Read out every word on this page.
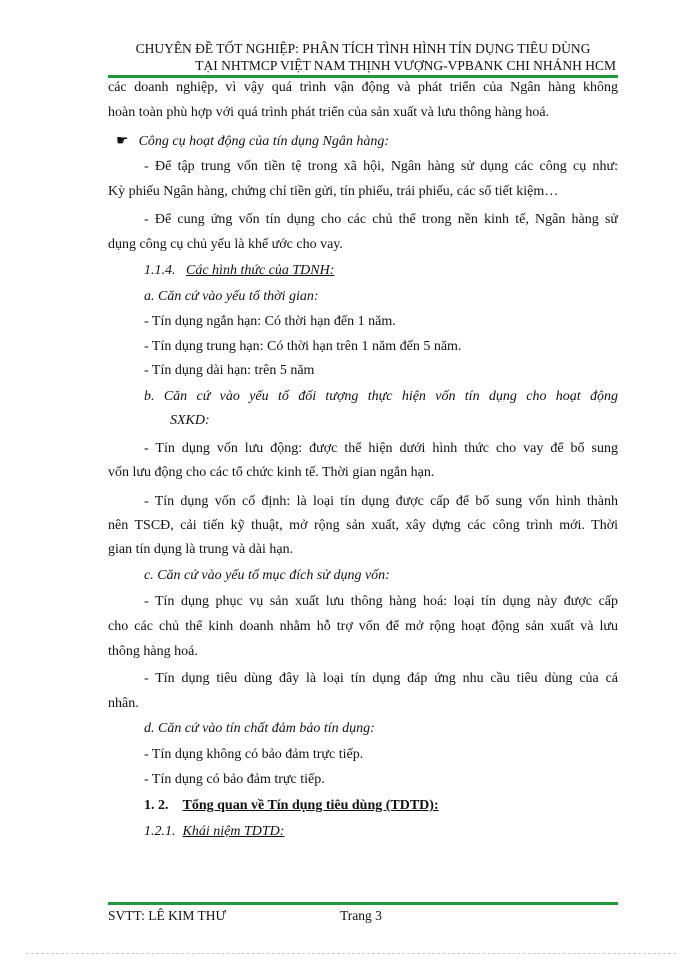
CHUYÊN ĐỀ TỐT NGHIỆP: PHÂN TÍCH TÌNH HÌNH TÍN DỤNG TIÊU DÙNG
TẠI NHTMCP VIỆT NAM THỊNH VƯỢNG-VPBANK CHI NHÁNH HCM
các doanh nghiệp, vì vậy quá trình vận động và phát triển của Ngân hàng không
hoàn toàn phù hợp với quá trình phát triển của sản xuất và lưu thông hàng hoá.
☛ Công cụ hoạt động của tín dụng Ngân hàng:
- Để tập trung vốn tiền tệ trong xã hội, Ngân hàng sử dụng các công cụ như:
Kỳ phiếu Ngân hàng, chứng chỉ tiền gửi, tín phiếu, trái phiếu, các sổ tiết kiệm…
- Để cung ứng vốn tín dụng cho các chủ thể trong nền kinh tế, Ngân hàng sử
dụng công cụ chủ yếu là khế ước cho vay.
1.1.4. Các hình thức của TDNH:
a. Căn cứ vào yếu tố thời gian:
- Tín dụng ngắn hạn: Có thời hạn đến 1 năm.
- Tín dụng trung hạn: Có thời hạn trên 1 năm đến 5 năm.
- Tín dụng dài hạn: trên 5 năm
b. Căn cứ vào yếu tố đối tượng thực hiện vốn tín dụng cho hoạt động
SXKD:
- Tín dụng vốn lưu động: được thể hiện dưới hình thức cho vay để bổ sung
vốn lưu động cho các tổ chức kinh tế. Thời gian ngắn hạn.
- Tín dụng vốn cố định: là loại tín dụng được cấp để bổ sung vốn hình thành
nên TSCĐ, cải tiến kỹ thuật, mở rộng sản xuất, xây dựng các công trình mới. Thời
gian tín dụng là trung và dài hạn.
c. Căn cứ vào yếu tố mục đích sử dụng vốn:
- Tín dụng phục vụ sản xuất lưu thông hàng hoá: loại tín dụng này được cấp
cho các chủ thể kinh doanh nhằm hỗ trợ vốn để mở rộng hoạt động sản xuất và lưu
thông hàng hoá.
- Tín dụng tiêu dùng đây là loại tín dụng đáp ứng nhu cầu tiêu dùng của cá
nhân.
d. Căn cứ vào tín chất đảm bảo tín dụng:
- Tín dụng không có bảo đảm trực tiếp.
- Tín dụng có bảo đảm trực tiếp.
1. 2. Tổng quan về Tín dụng tiêu dùng (TDTD):
1.2.1. Khái niệm TDTD:
SVTT: LÊ KIM THƯ	Trang 3
